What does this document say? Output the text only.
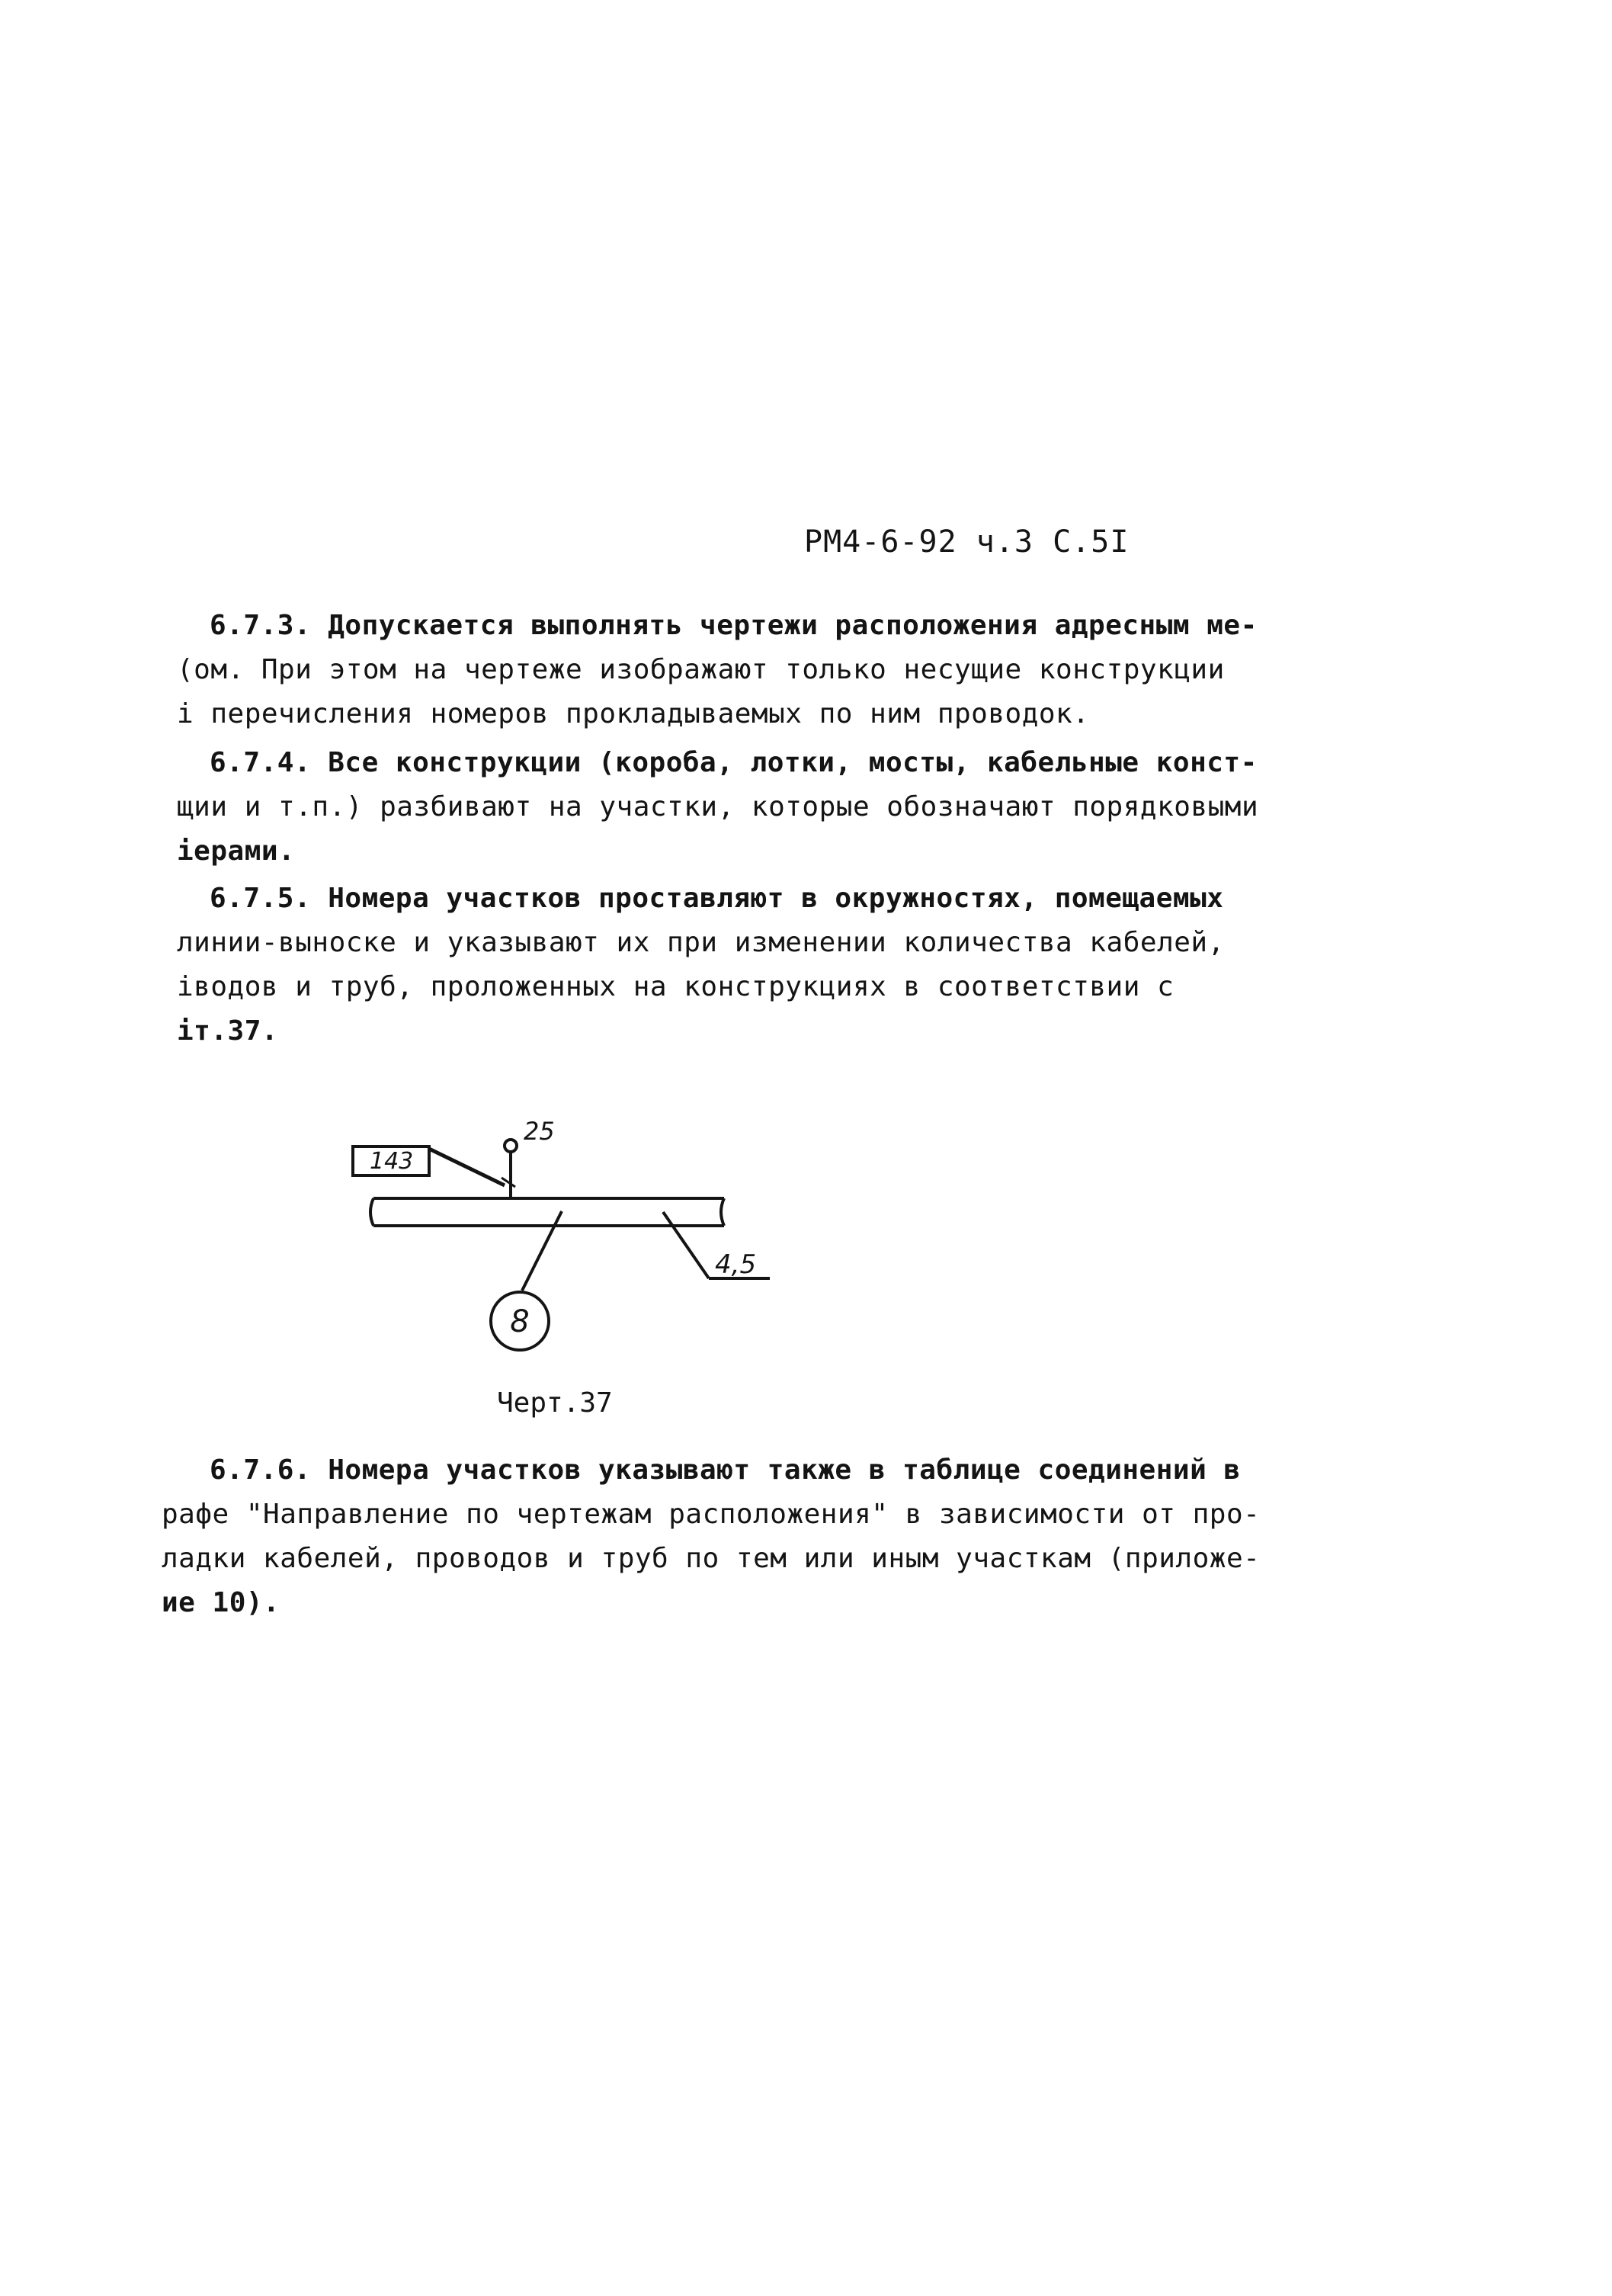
РМ4-6-92 ч.3 С.5I
6.7.3. Допускается выполнять чертежи расположения адресным ме-
(ом. При этом на чертеже изображают только несущие конструкции
і перечисления номеров прокладываемых по ним проводок.
6.7.4. Все конструкции (короба, лотки, мосты, кабельные конст-
щии и т.п.) разбивают на участки, которые обозначают порядковыми
іерами.
6.7.5. Номера участков проставляют в окружностях, помещаемых
линии-выноске и указывают их при изменении количества кабелей,
іводов и труб, проложенных на конструкциях в соответствии с
іт.37.
143
25
8
4,5
Черт.37
6.7.6. Номера участков указывают также в таблице соединений в
рафе "Направление по чертежам расположения" в зависимости от про-
ладки кабелей, проводов и труб по тем или иным участкам (приложе-
ие 10).
